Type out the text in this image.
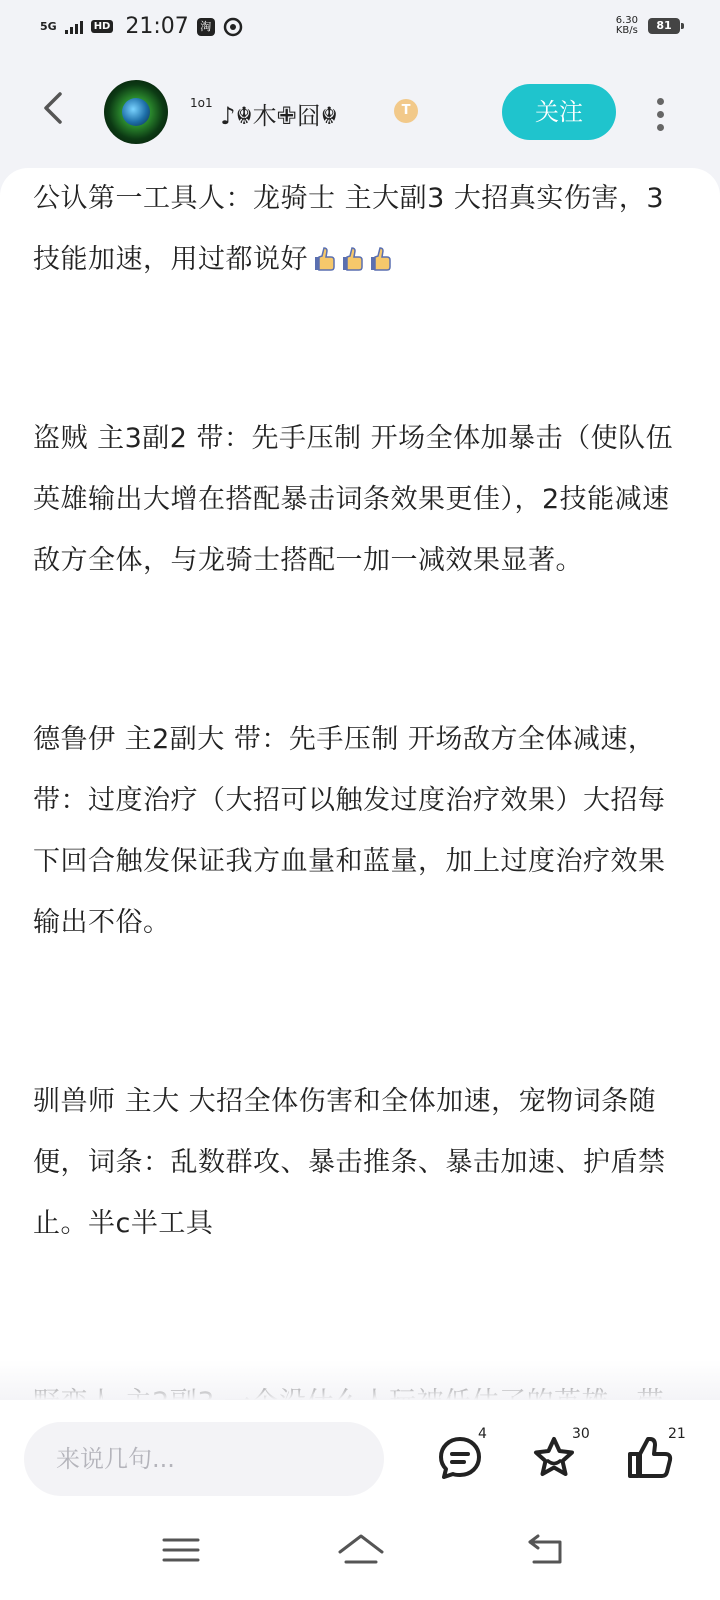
5G	HD 21:07	淘	6.30
KB/s	81
$^{1o1}$ ♪☬木✙囧☬	T	关注

公认第一工具人：龙骑士 主大副3 大招真实伤害，3技能加速，用过都说好

盗贼 主3副2 带：先手压制 开场全体加暴击（使队伍英雄输出大增在搭配暴击词条效果更佳），2技能减速敌方全体，与龙骑士搭配一加一减效果显著。

德鲁伊 主2副大 带：先手压制 开场敌方全体减速，带：过度治疗（大招可以触发过度治疗效果）大招每下回合触发保证我方血量和蓝量，加上过度治疗效果输出不俗。

驯兽师 主大 大招全体伤害和全体加速，宠物词条随便，词条：乱数群攻、暴击推条、暴击加速、护盾禁止。半c半工具

来说几句...
4	30	21
